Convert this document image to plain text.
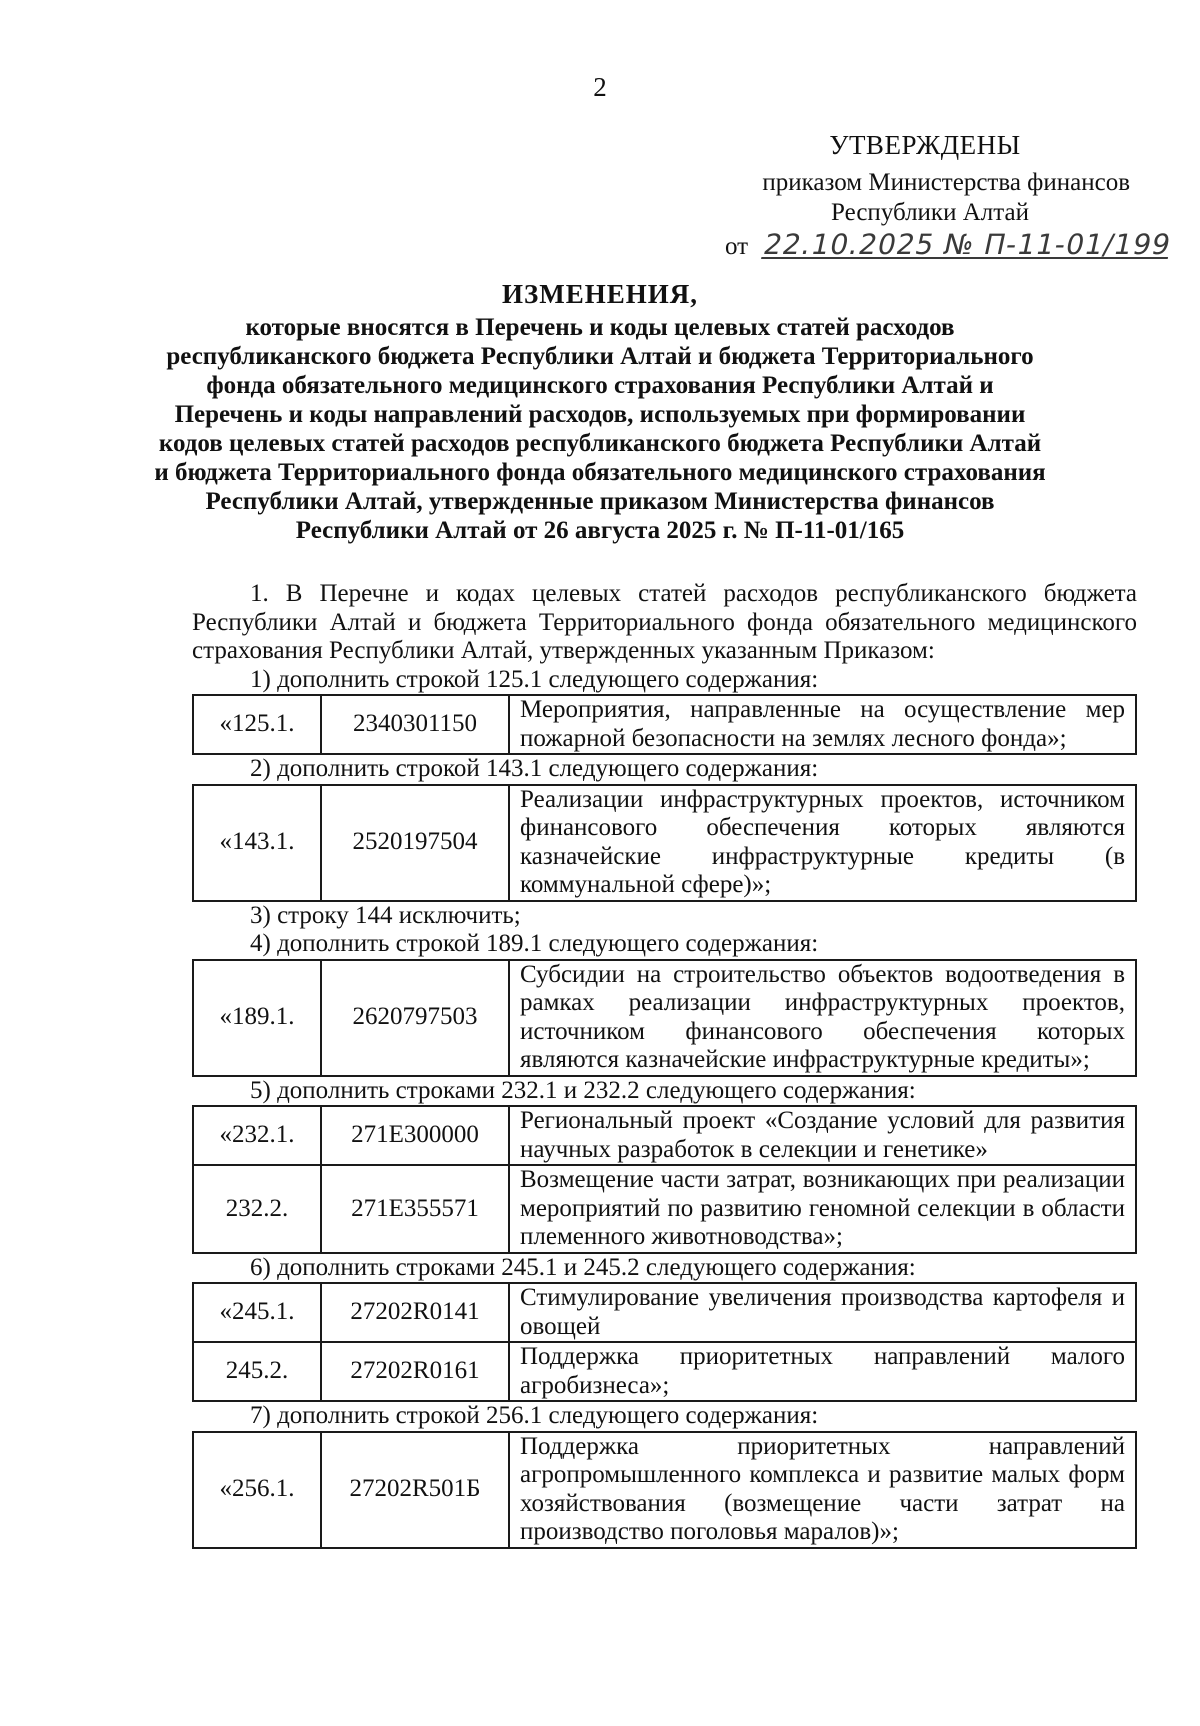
2
УТВЕРЖДЕНЫ
приказом Министерства финансов
Республики Алтай
от 22.10.2025 № П-11-01/199
ИЗМЕНЕНИЯ,
которые вносятся в Перечень и коды целевых статей расходов
республиканского бюджета Республики Алтай и бюджета Территориального
фонда обязательного медицинского страхования Республики Алтай и
Перечень и коды направлений расходов, используемых при формировании
кодов целевых статей расходов республиканского бюджета Республики Алтай
и бюджета Территориального фонда обязательного медицинского страхования
Республики Алтай, утвержденные приказом Министерства финансов
Республики Алтай от 26 августа 2025 г. № П-11-01/165

1. В Перечне и кодах целевых статей расходов республиканского бюджета Республики Алтай и бюджета Территориального фонда обязательного медицинского страхования Республики Алтай, утвержденных указанным Приказом:

1) дополнить строкой 125.1 следующего содержания:

«125.1.	2340301150	Мероприятия, направленные на осуществление мер пожарной безопасности на землях лесного фонда»;

2) дополнить строкой 143.1 следующего содержания:

«143.1.	2520197504	Реализации инфраструктурных проектов, источником финансового обеспечения которых являются казначейские инфраструктурные кредиты (в коммунальной сфере)»;

3) строку 144 исключить;

4) дополнить строкой 189.1 следующего содержания:

«189.1.	2620797503	Субсидии на строительство объектов водоотведения в рамках реализации инфраструктурных проектов, источником финансового обеспечения которых являются казначейские инфраструктурные кредиты»;

5) дополнить строками 232.1 и 232.2 следующего содержания:

«232.1.	271Е300000	Региональный проект «Создание условий для развития научных разработок в селекции и генетике»
232.2.	271Е355571	Возмещение части затрат, возникающих при реализации мероприятий по развитию геномной селекции в области племенного животноводства»;

6) дополнить строками 245.1 и 245.2 следующего содержания:

«245.1.	27202R0141	Стимулирование увеличения производства картофеля и овощей
245.2.	27202R0161	Поддержка приоритетных направлений малого агробизнеса»;

7) дополнить строкой 256.1 следующего содержания:

«256.1.	27202R501Б	Поддержка приоритетных направлений агропромышленного комплекса и развитие малых форм хозяйствования (возмещение части затрат на производство поголовья маралов)»;
